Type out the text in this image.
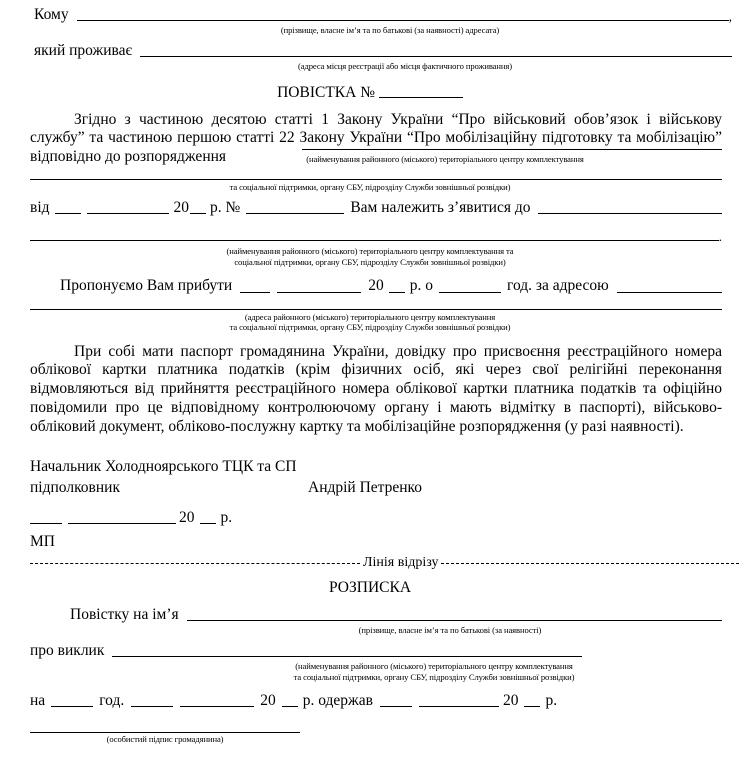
Кому	,
(прізвище, власне ім’я та по батькові (за наявності) адресата)
який проживає
(адреса місця реєстрації або місця фактичного проживання)
ПОВІСТКА №
Згідно з частиною десятою статті 1 Закону України “Про військовий обов’язок і військову службу” та частиною першою статті 22 Закону України “Про мобілізаційну підготовку та мобілізацію” відповідно до розпорядження	(найменування районного (міського) територіального центру комплектування
та соціальної підтримки, органу СБУ, підрозділу Служби зовнішньої розвідки)
від	20 р. №	Вам належить з’явитися до
.
(найменування районного (міського) територіального центру комплектування та
соціальної підтримки, органу СБУ, підрозділу Служби зовнішньої розвідки)
Пропонуємо Вам прибути	20 р. о	год. за адресою
(адреса районного (міського) територіального центру комплектування
та соціальної підтримки, органу СБУ, підрозділу Служби зовнішньої розвідки)
При собі мати паспорт громадянина України, довідку про присвоєння реєстраційного номера облікової картки платника податків (крім фізичних осіб, які через свої релігійні переконання відмовляються від прийняття реєстраційного номера облікової картки платника податків та офіційно повідомили про це відповідному контролюючому органу і мають відмітку в паспорті), військово-обліковий документ, обліково-послужну картку та мобілізаційне розпорядження (у разі наявності).
Начальник Холодноярського ТЦК та СП
підполковник	Андрій Петренко
20 р.
МП
Лінія відрізу
РОЗПИСКА
Повістку на ім’я
(прізвище, власне ім’я та по батькові (за наявності)
про виклик
(найменування районного (міського) територіального центру комплектування
та соціальної підтримки, органу СБУ, підрозділу Служби зовнішньої розвідки)
на	год.	20 р. одержав	20 р.
(особистий підпис громадянина)
